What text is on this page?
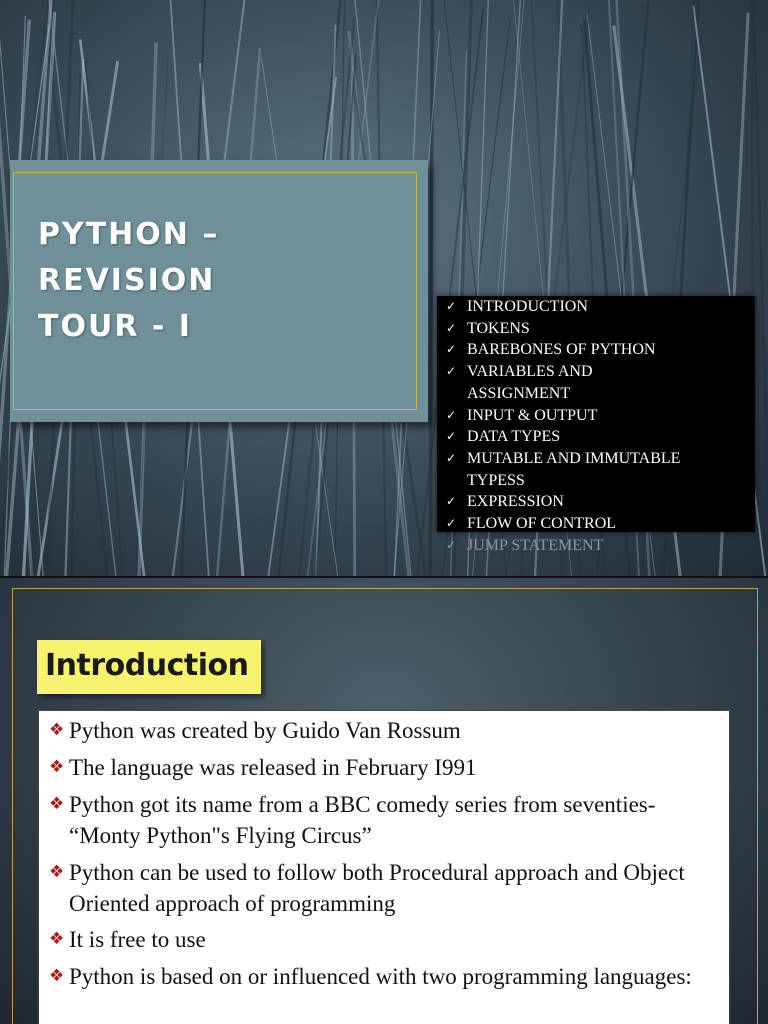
PYTHON – REVISION
TOUR - I
✓ INTRODUCTION
✓ TOKENS
✓ BAREBONES OF PYTHON
✓ VARIABLES AND
ASSIGNMENT
✓ INPUT & OUTPUT
✓ DATA TYPES
✓ MUTABLE AND IMMUTABLE
TYPESS
✓ EXPRESSION
✓ FLOW OF CONTROL
✓ JUMP STATEMENT
Introduction
❖ Python was created by Guido Van Rossum
❖ The language was released in February I991
❖ Python got its name from a BBC comedy series from seventies- “Monty Python"s Flying Circus”
❖ Python can be used to follow both Procedural approach and Object Oriented approach of programming
❖ It is free to use
❖ Python is based on or influenced with two programming languages:
